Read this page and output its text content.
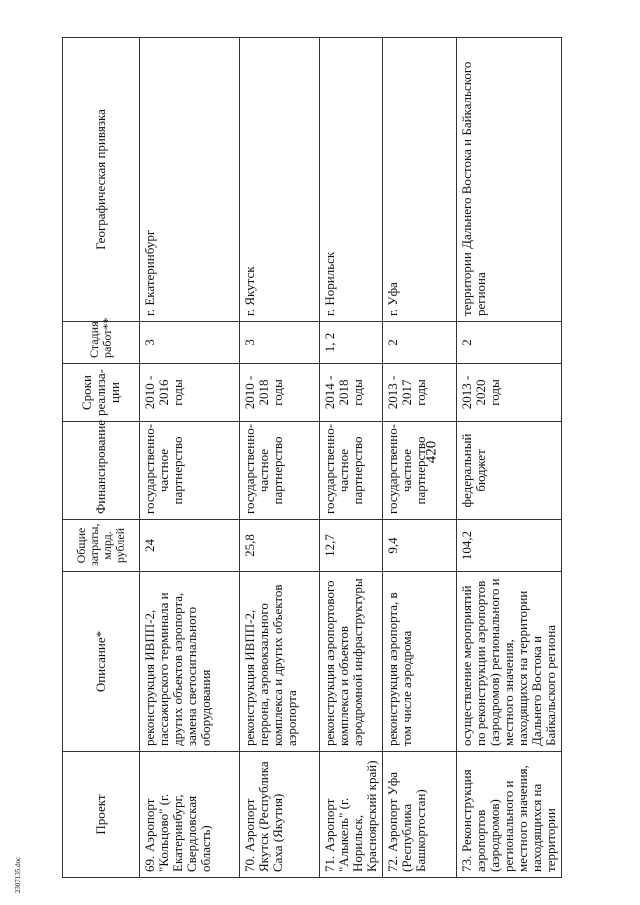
420
2307135.doc
Проект	Описание*	Общие затраты, млрд. рублей	Финансирование	Сроки реализа- ции	Стадия работ**	Географическая привязка
69.Аэропорт "Кольцово" (г. Екатеринбург, Свердловская область)	реконструкция ИВПП-2, пассажирского терминала и других объектов аэропорта, замена светосигнального оборудования	24	государственно-частное партнерство	2010 - 2016 годы	3	г. Екатеринбург
70.Аэропорт Якутск (Республика Саха (Якутия)	реконструкция ИВПП-2, перрона, аэровокзального комплекса и других объектов аэропорта	25,8	государственно-частное партнерство	2010 - 2018 годы	3	г. Якутск
71.Аэропорт "Алыкель" (г. Норильск, Красноярский край)	реконструкция аэропортового комплекса и объектов аэродромной инфраструктуры	12,7	государственно-частное партнерство	2014 - 2018 годы	1, 2	г. Норильск
72.Аэропорт Уфа (Республика Башкортостан)	реконструкция аэропорта, в том числе аэродрома	9,4	государственно-частное партнерство	2013 - 2017 годы	2	г. Уфа
73.Реконструкция аэропортов (аэродромов) регионального и местного значения, находящихся на территории	осуществление мероприятий по реконструкции аэропортов (аэродромов) регионального и местного значения, находящихся на территории Дальнего Востока и Байкальского региона	104,2	федеральный бюджет	2013 - 2020 годы	2	территории Дальнего Востока и Байкальского региона
